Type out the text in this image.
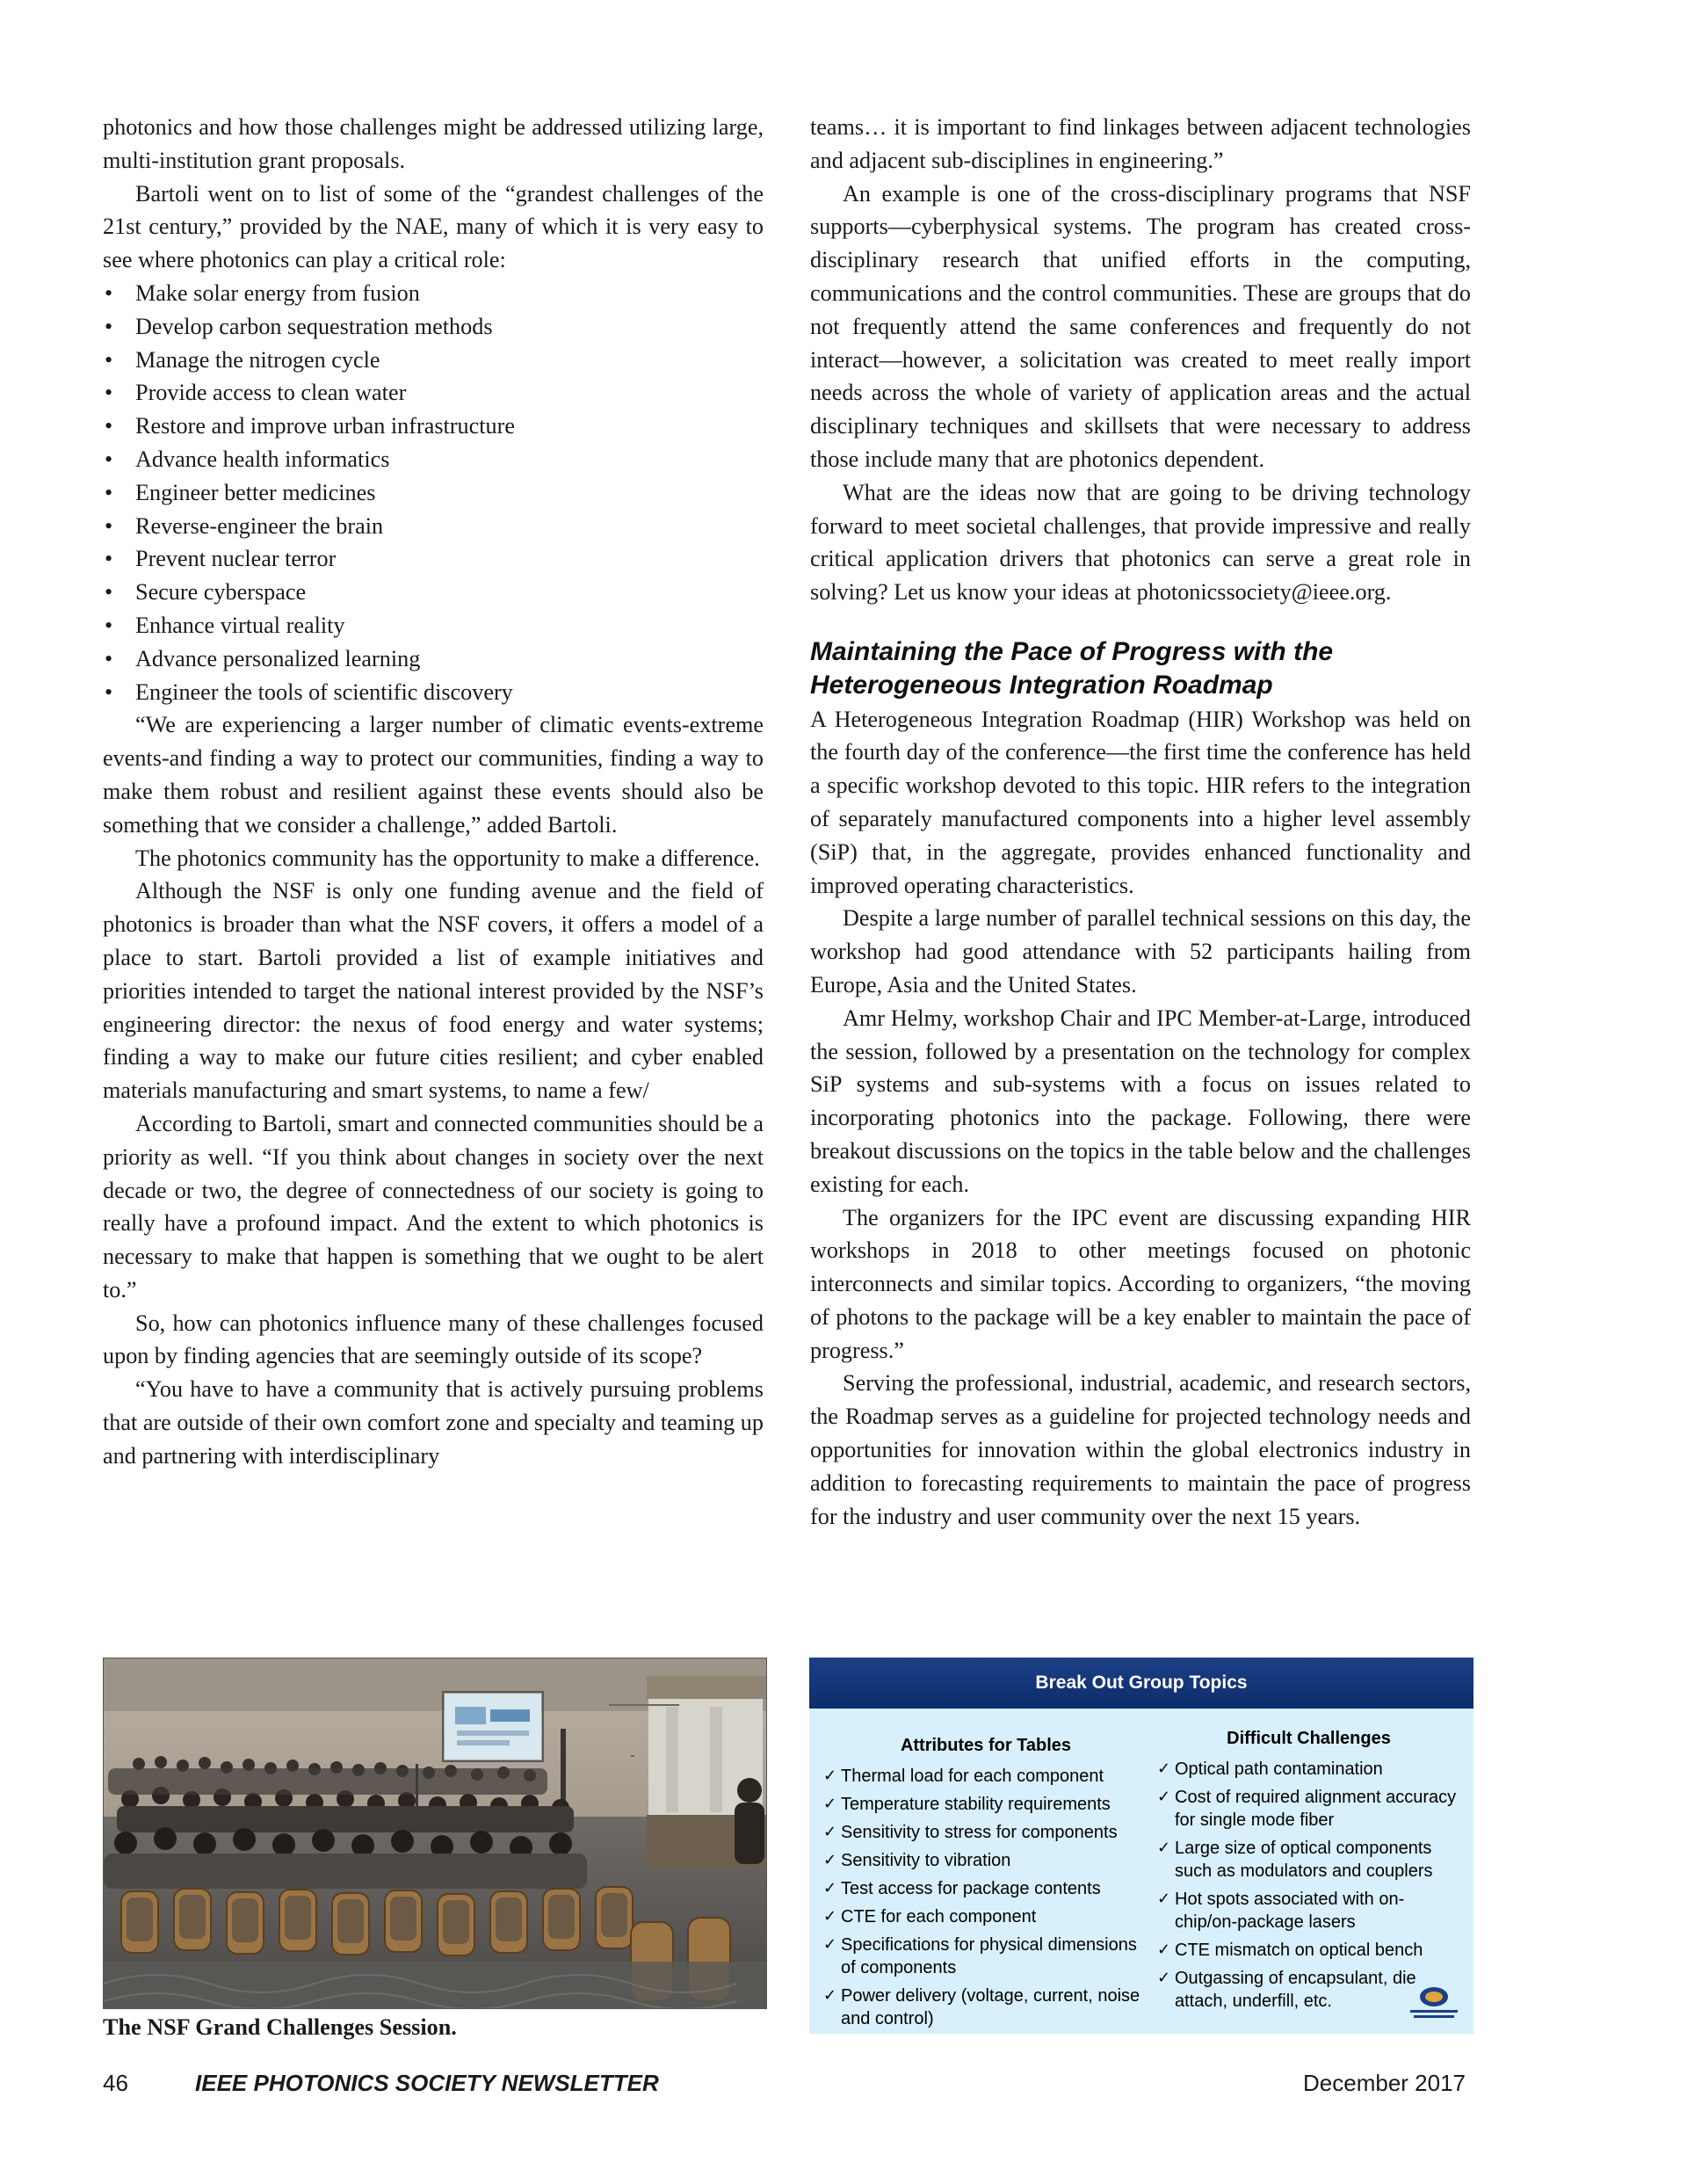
photonics and how those challenges might be addressed utilizing large, multi-institution grant proposals.

Bartoli went on to list of some of the “grandest challenges of the 21st century,” provided by the NAE, many of which it is very easy to see where photonics can play a critical role:

• Make solar energy from fusion
• Develop carbon sequestration methods
• Manage the nitrogen cycle
• Provide access to clean water
• Restore and improve urban infrastructure
• Advance health informatics
• Engineer better medicines
• Reverse-engineer the brain
• Prevent nuclear terror
• Secure cyberspace
• Enhance virtual reality
• Advance personalized learning
• Engineer the tools of scientific discovery

“We are experiencing a larger number of climatic events-extreme events-and finding a way to protect our communities, finding a way to make them robust and resilient against these events should also be something that we consider a challenge,” added Bartoli.

The photonics community has the opportunity to make a difference.

Although the NSF is only one funding avenue and the field of photonics is broader than what the NSF covers, it offers a model of a place to start. Bartoli provided a list of example initiatives and priorities intended to target the national interest provided by the NSF’s engineering director: the nexus of food energy and water systems; finding a way to make our future cities resilient; and cyber enabled materials manufacturing and smart systems, to name a few/

According to Bartoli, smart and connected communities should be a priority as well. “If you think about changes in society over the next decade or two, the degree of connectedness of our society is going to really have a profound impact. And the extent to which photonics is necessary to make that happen is something that we ought to be alert to.”

So, how can photonics influence many of these challenges focused upon by finding agencies that are seemingly outside of its scope?

“You have to have a community that is actively pursuing problems that are outside of their own comfort zone and specialty and teaming up and partnering with interdisciplinary

teams… it is important to find linkages between adjacent technologies and adjacent sub-disciplines in engineering.”

An example is one of the cross-disciplinary programs that NSF supports—cyberphysical systems. The program has created cross-disciplinary research that unified efforts in the computing, communications and the control communities. These are groups that do not frequently attend the same conferences and frequently do not interact—however, a solicitation was created to meet really import needs across the whole of variety of application areas and the actual disciplinary techniques and skillsets that were necessary to address those include many that are photonics dependent.

What are the ideas now that are going to be driving technology forward to meet societal challenges, that provide impressive and really critical application drivers that photonics can serve a great role in solving? Let us know your ideas at photonicssociety@ieee.org.

Maintaining the Pace of Progress with the Heterogeneous Integration Roadmap

A Heterogeneous Integration Roadmap (HIR) Workshop was held on the fourth day of the conference—the first time the conference has held a specific workshop devoted to this topic. HIR refers to the integration of separately manufactured components into a higher level assembly (SiP) that, in the aggregate, provides enhanced functionality and improved operating characteristics.

Despite a large number of parallel technical sessions on this day, the workshop had good attendance with 52 participants hailing from Europe, Asia and the United States.

Amr Helmy, workshop Chair and IPC Member-at-Large, introduced the session, followed by a presentation on the technology for complex SiP systems and sub-systems with a focus on issues related to incorporating photonics into the package. Following, there were breakout discussions on the topics in the table below and the challenges existing for each.

The organizers for the IPC event are discussing expanding HIR workshops in 2018 to other meetings focused on photonic interconnects and similar topics. According to organizers, “the moving of photons to the package will be a key enabler to maintain the pace of progress.”

Serving the professional, industrial, academic, and research sectors, the Roadmap serves as a guideline for projected technology needs and opportunities for innovation within the global electronics industry in addition to forecasting requirements to maintain the pace of progress for the industry and user community over the next 15 years.

The NSF Grand Challenges Session.
Break Out Group Topics
Attributes for Tables
✓ Thermal load for each component
✓ Temperature stability requirements
✓ Sensitivity to stress for components
✓ Sensitivity to vibration
✓ Test access for package contents
✓ CTE for each component
✓ Specifications for physical dimensions of components
✓ Power delivery (voltage, current, noise and control)
Difficult Challenges
✓ Optical path contamination
✓ Cost of required alignment accuracy for single mode fiber
✓ Large size of optical components such as modulators and couplers
✓ Hot spots associated with on-chip/on-package lasers
✓ CTE mismatch on optical bench
✓ Outgassing of encapsulant, die attach, underfill, etc.
46	IEEE PHOTONICS SOCIETY NEWSLETTER	December 2017
